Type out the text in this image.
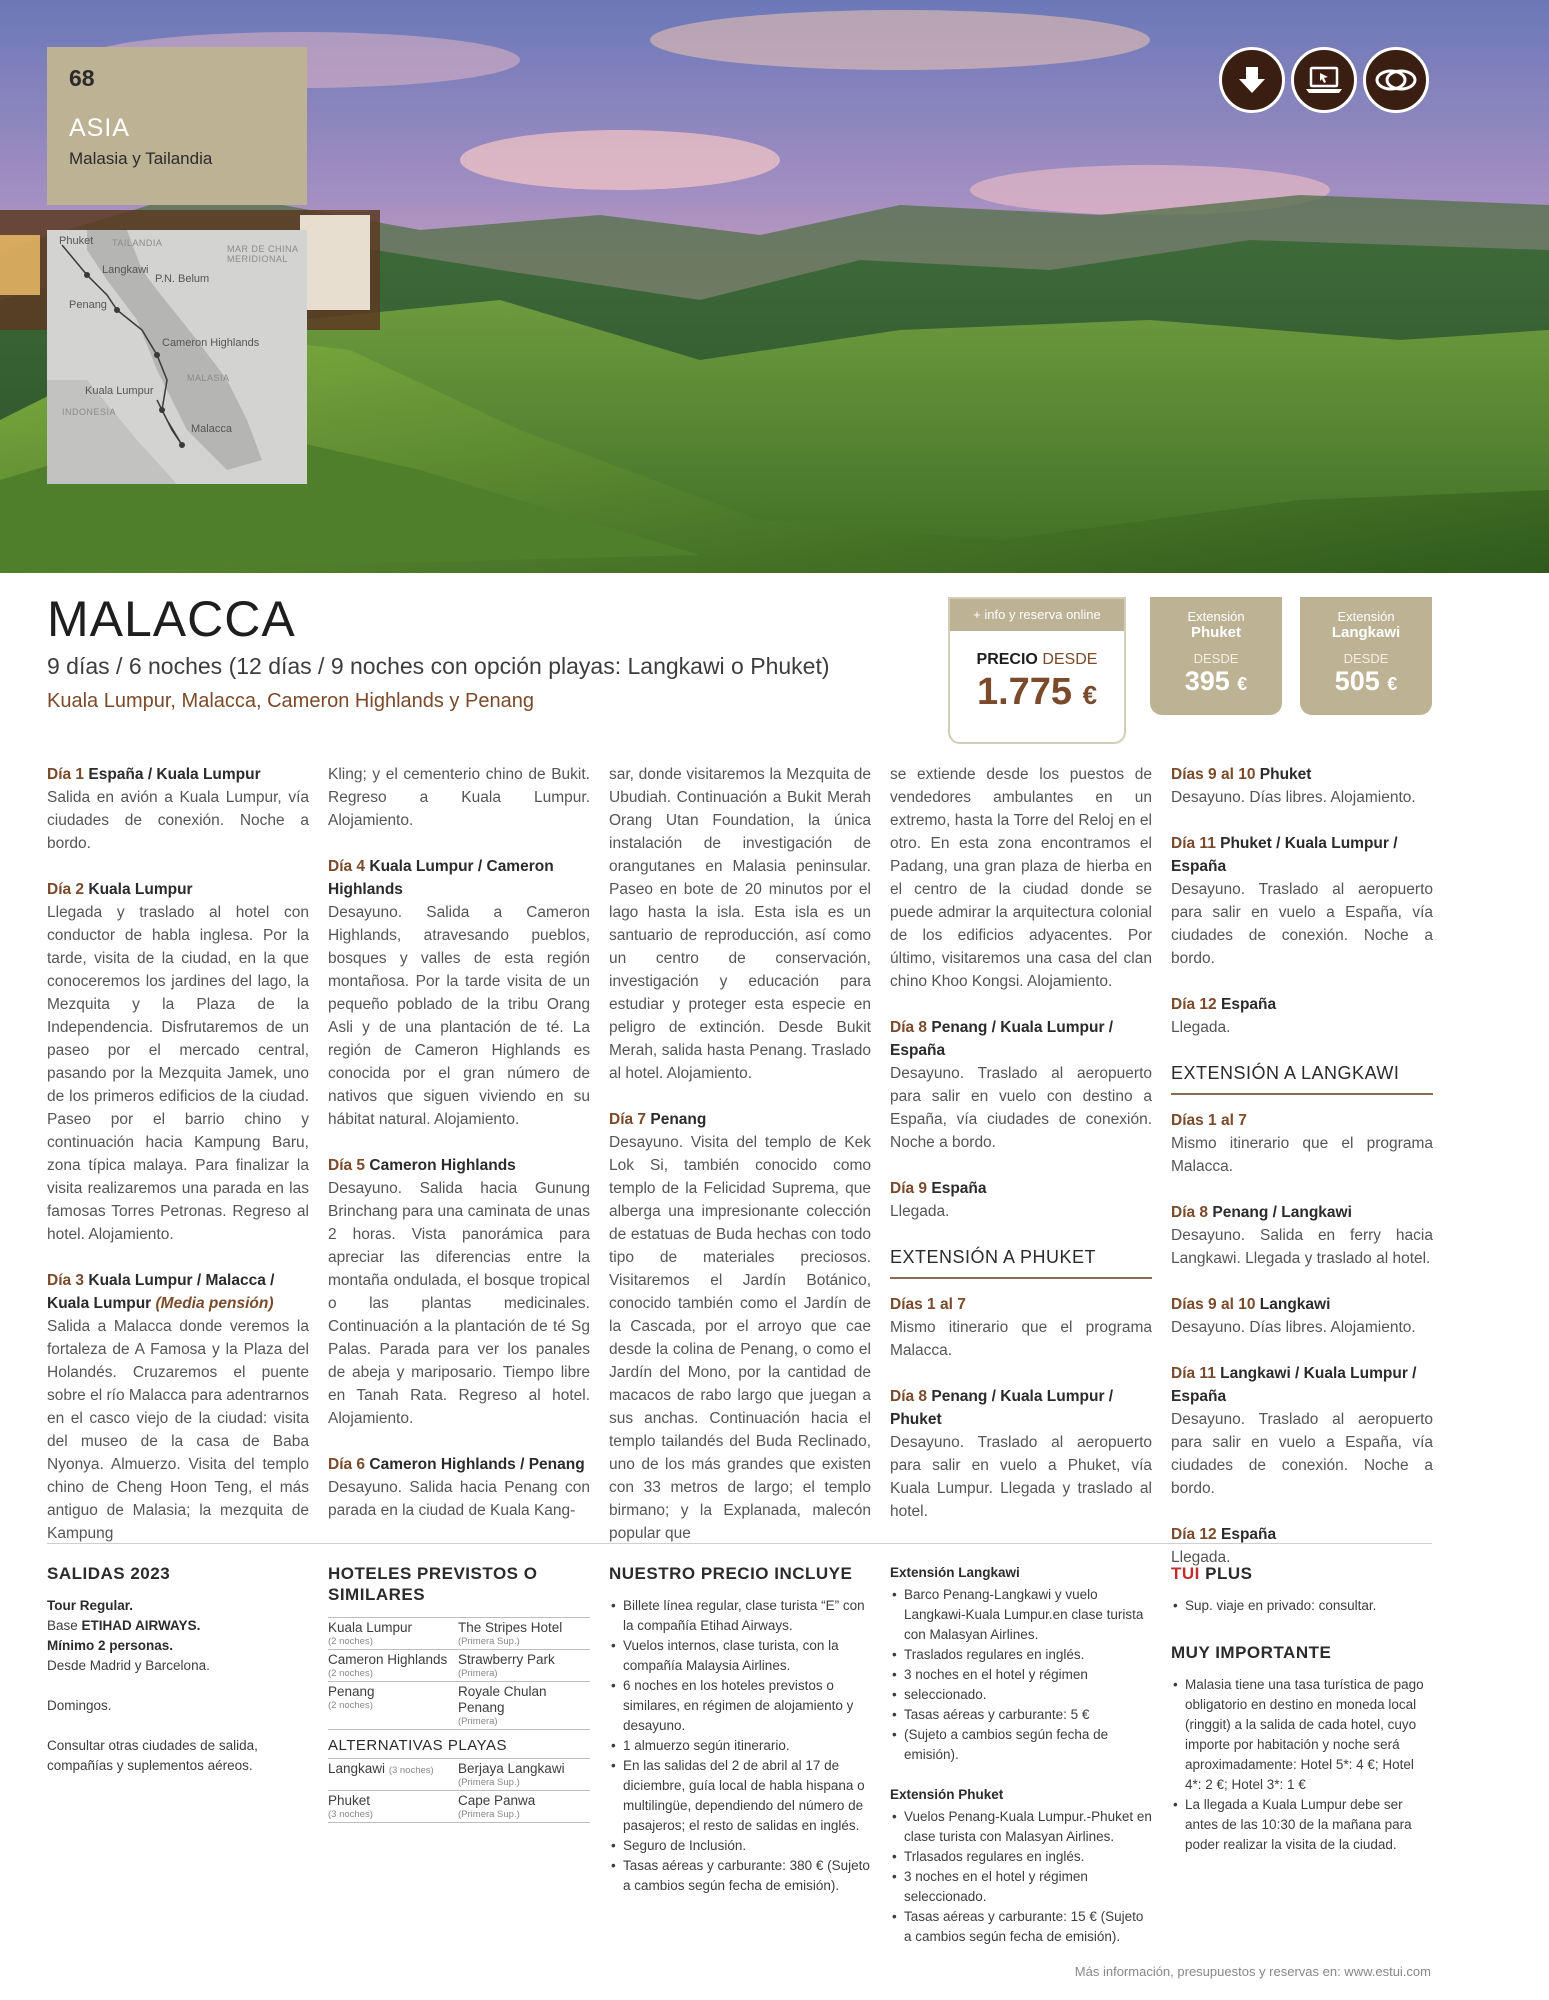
68
ASIA
Malasia y Tailandia
Phuket TAILANDIA
MAR DE CHINA MERIDIONAL
Langkawi
P.N. Belum
Penang
Cameron Highlands
MALASIA
Kuala Lumpur
INDONESIA
Malacca
MALACCA
9 días / 6 noches (12 días / 9 noches con opción playas: Langkawi o Phuket)
Kuala Lumpur, Malacca, Cameron Highlands y Penang
+ info y reserva online
PRECIO DESDE
1.775 €
Extensión
Phuket
DESDE
395 €
Extensión
Langkawi
DESDE
505 €

Día 1 España / Kuala Lumpur
Salida en avión a Kuala Lumpur, vía ciudades de conexión. Noche a bordo.

Día 2 Kuala Lumpur
Llegada y traslado al hotel con conductor de habla inglesa. Por la tarde, visita de la ciudad, en la que conoceremos los jardines del lago, la Mezquita y la Plaza de la Independencia. Disfrutaremos de un paseo por el mercado central, pasando por la Mezquita Jamek, uno de los primeros edificios de la ciudad. Paseo por el barrio chino y continuación hacia Kampung Baru, zona típica malaya. Para finalizar la visita realizaremos una parada en las famosas Torres Petronas. Regreso al hotel. Alojamiento.

Día 3 Kuala Lumpur / Malacca / Kuala Lumpur (Media pensión)
Salida a Malacca donde veremos la fortaleza de A Famosa y la Plaza del Holandés. Cruzaremos el puente sobre el río Malacca para adentrarnos en el casco viejo de la ciudad: visita del museo de la casa de Baba Nyonya. Almuerzo. Visita del templo chino de Cheng Hoon Teng, el más antiguo de Malasia; la mezquita de Kampung

Kling; y el cementerio chino de Bukit. Regreso a Kuala Lumpur. Alojamiento.

Día 4 Kuala Lumpur / Cameron Highlands
Desayuno. Salida a Cameron Highlands, atravesando pueblos, bosques y valles de esta región montañosa. Por la tarde visita de un pequeño poblado de la tribu Orang Asli y de una plantación de té. La región de Cameron Highlands es conocida por el gran número de nativos que siguen viviendo en su hábitat natural. Alojamiento.

Día 5 Cameron Highlands
Desayuno. Salida hacia Gunung Brinchang para una caminata de unas 2 horas. Vista panorámica para apreciar las diferencias entre la montaña ondulada, el bosque tropical o las plantas medicinales. Continuación a la plantación de té Sg Palas. Parada para ver los panales de abeja y mariposario. Tiempo libre en Tanah Rata. Regreso al hotel. Alojamiento.

Día 6 Cameron Highlands / Penang
Desayuno. Salida hacia Penang con parada en la ciudad de Kuala Kang-

sar, donde visitaremos la Mezquita de Ubudiah. Continuación a Bukit Merah Orang Utan Foundation, la única instalación de investigación de orangutanes en Malasia peninsular. Paseo en bote de 20 minutos por el lago hasta la isla. Esta isla es un santuario de reproducción, así como un centro de conservación, investigación y educación para estudiar y proteger esta especie en peligro de extinción. Desde Bukit Merah, salida hasta Penang. Traslado al hotel. Alojamiento.

Día 7 Penang
Desayuno. Visita del templo de Kek Lok Si, también conocido como templo de la Felicidad Suprema, que alberga una impresionante colección de estatuas de Buda hechas con todo tipo de materiales preciosos. Visitaremos el Jardín Botánico, conocido también como el Jardín de la Cascada, por el arroyo que cae desde la colina de Penang, o como el Jardín del Mono, por la cantidad de macacos de rabo largo que juegan a sus anchas. Continuación hacia el templo tailandés del Buda Reclinado, uno de los más grandes que existen con 33 metros de largo; el templo birmano; y la Explanada, malecón popular que

se extiende desde los puestos de vendedores ambulantes en un extremo, hasta la Torre del Reloj en el otro. En esta zona encontramos el Padang, una gran plaza de hierba en el centro de la ciudad donde se puede admirar la arquitectura colonial de los edificios adyacentes. Por último, visitaremos una casa del clan chino Khoo Kongsi. Alojamiento.

Día 8 Penang / Kuala Lumpur / España
Desayuno. Traslado al aeropuerto para salir en vuelo con destino a España, vía ciudades de conexión. Noche a bordo.

Día 9 España
Llegada.

EXTENSIÓN A PHUKET

Días 1 al 7
Mismo itinerario que el programa Malacca.

Día 8 Penang / Kuala Lumpur / Phuket
Desayuno. Traslado al aeropuerto para salir en vuelo a Phuket, vía Kuala Lumpur. Llegada y traslado al hotel.

Días 9 al 10 Phuket
Desayuno. Días libres. Alojamiento.

Día 11 Phuket / Kuala Lumpur / España
Desayuno. Traslado al aeropuerto para salir en vuelo a España, vía ciudades de conexión. Noche a bordo.

Día 12 España
Llegada.

EXTENSIÓN A LANGKAWI

Días 1 al 7
Mismo itinerario que el programa Malacca.

Día 8 Penang / Langkawi
Desayuno. Salida en ferry hacia Langkawi. Llegada y traslado al hotel.

Días 9 al 10 Langkawi
Desayuno. Días libres. Alojamiento.

Día 11 Langkawi / Kuala Lumpur / España
Desayuno. Traslado al aeropuerto para salir en vuelo a España, vía ciudades de conexión. Noche a bordo.

Día 12 España
Llegada.

SALIDAS 2023
Tour Regular.
Base ETIHAD AIRWAYS.
Mínimo 2 personas.
Desde Madrid y Barcelona.
Domingos.
Consultar otras ciudades de salida, compañías y suplementos aéreos.
HOTELES PREVISTOS O SIMILARES
Kuala Lumpur
(2 noches)	The Stripes Hotel
(Primera Sup.)

Cameron Highlands
(2 noches)	Strawberry Park
(Primera)

Penang
(2 noches)	Royale Chulan Penang
(Primera)
ALTERNATIVAS PLAYAS
Langkawi (3 noches)	Berjaya Langkawi
(Primera Sup.)

Phuket
(3 noches)	Cape Panwa
(Primera Sup.)
NUESTRO PRECIO INCLUYE
• Billete línea regular, clase turista “E” con la compañía Etihad Airways.
• Vuelos internos, clase turista, con la compañía Malaysia Airlines.
• 6 noches en los hoteles previstos o similares, en régimen de alojamiento y desayuno.
• 1 almuerzo según itinerario.
• En las salidas del 2 de abril al 17 de diciembre, guía local de habla hispana o multilingüe, dependiendo del número de pasajeros; el resto de salidas en inglés.
• Seguro de Inclusión.
• Tasas aéreas y carburante: 380 € (Sujeto a cambios según fecha de emisión).
Extensión Langkawi
• Barco Penang-Langkawi y vuelo Langkawi-Kuala Lumpur.en clase turista con Malasyan Airlines.
• Traslados regulares en inglés.
• 3 noches en el hotel y régimen
• seleccionado.
• Tasas aéreas y carburante: 5 €
• (Sujeto a cambios según fecha de emisión).
Extensión Phuket
• Vuelos Penang-Kuala Lumpur.-Phuket en clase turista con Malasyan Airlines.
• Trlasados regulares en inglés.
• 3 noches en el hotel y régimen seleccionado.
• Tasas aéreas y carburante: 15 € (Sujeto a cambios según fecha de emisión).
TUI PLUS
• Sup. viaje en privado: consultar.
MUY IMPORTANTE
• Malasia tiene una tasa turística de pago obligatorio en destino en moneda local (ringgit) a la salida de cada hotel, cuyo importe por habitación y noche será aproximadamente: Hotel 5*: 4 €; Hotel 4*: 2 €; Hotel 3*: 1 €
• La llegada a Kuala Lumpur debe ser antes de las 10:30 de la mañana para poder realizar la visita de la ciudad.
Más información, presupuestos y reservas en: www.estui.com
